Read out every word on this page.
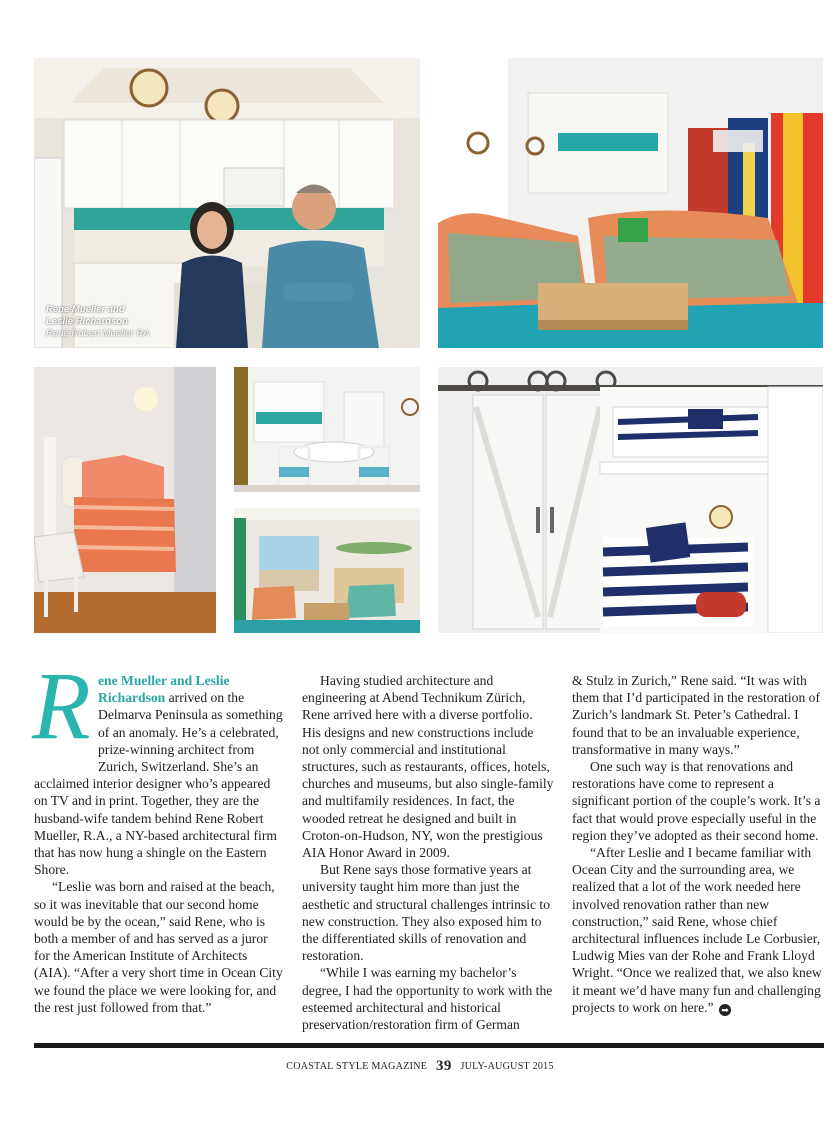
Rene Mueller and
Leslie Richardson
René Robert Mueller RA
R ene Mueller and Leslie Richardson arrived on the Delmarva Peninsula as something of an anomaly. He’s a celebrated, prize-winning architect from Zurich, Switzerland. She’s an acclaimed interior designer who’s appeared on TV and in print. Together, they are the husband-wife tandem behind Rene Robert Mueller, R.A., a NY-based architectural firm that has now hung a shingle on the Eastern Shore.

“Leslie was born and raised at the beach, so it was inevitable that our second home would be by the ocean,” said Rene, who is both a member of and has served as a juror for the American Institute of Architects (AIA). “After a very short time in Ocean City we found the place we were looking for, and the rest just followed from that.”

Having studied architecture and engineering at Abend Technikum Zürich, Rene arrived here with a diverse portfolio. His designs and new constructions include not only commercial and institutional structures, such as restaurants, offices, hotels, churches and museums, but also single-family and multifamily residences. In fact, the wooded retreat he designed and built in Croton-on-Hudson, NY, won the prestigious AIA Honor Award in 2009.

But Rene says those formative years at university taught him more than just the aesthetic and structural challenges intrinsic to new construction. They also exposed him to the differentiated skills of renovation and restoration.

“While I was earning my bachelor’s degree, I had the opportunity to work with the esteemed architectural and historical preservation/restoration firm of German

& Stulz in Zurich,” Rene said. “It was with them that I’d participated in the restoration of Zurich’s landmark St. Peter’s Cathedral. I found that to be an invaluable experience, transformative in many ways.”

One such way is that renovations and restorations have come to represent a significant portion of the couple’s work. It’s a fact that would prove especially useful in the region they’ve adopted as their second home.

“After Leslie and I became familiar with Ocean City and the surrounding area, we realized that a lot of the work needed here involved renovation rather than new construction,” said Rene, whose chief architectural influences include Le Corbusier, Ludwig Mies van der Rohe and Frank Lloyd Wright. “Once we realized that, we also knew it meant we’d have many fun and challenging projects to work on here.” ➡

COASTAL STYLE MAGAZINE 39 JULY-AUGUST 2015
